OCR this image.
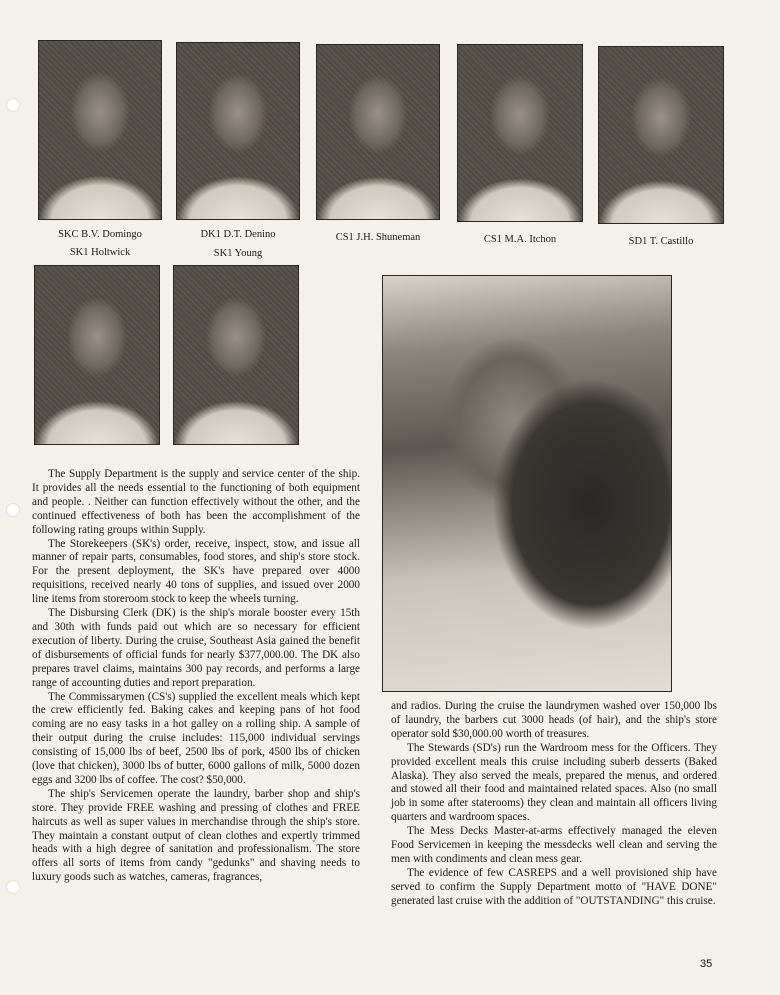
SKC B.V. Domingo
SK1 Holtwick
DK1 D.T. Denino
SK1 Young
CS1 J.H. Shuneman	CS1 M.A. Itchon	SD1 T. Castillo

The Supply Department is the supply and service center of the ship. It provides all the needs essential to the functioning of both equipment and people. . Neither can function effectively without the other, and the continued effectiveness of both has been the accomplishment of the following rating groups within Supply.

The Storekeepers (SK's) order, receive, inspect, stow, and issue all manner of repair parts, consumables, food stores, and ship's store stock. For the present deployment, the SK's have prepared over 4000 requisitions, received nearly 40 tons of supplies, and issued over 2000 line items from storeroom stock to keep the wheels turning.

The Disbursing Clerk (DK) is the ship's morale booster every 15th and 30th with funds paid out which are so necessary for efficient execution of liberty. During the cruise, Southeast Asia gained the benefit of disbursements of official funds for nearly $377,000.00. The DK also prepares travel claims, maintains 300 pay records, and performs a large range of accounting duties and report preparation.

The Commissarymen (CS's) supplied the excellent meals which kept the crew efficiently fed. Baking cakes and keeping pans of hot food coming are no easy tasks in a hot galley on a rolling ship. A sample of their output during the cruise includes: 115,000 individual servings consisting of 15,000 lbs of beef, 2500 lbs of pork, 4500 lbs of chicken (love that chicken), 3000 lbs of butter, 6000 gallons of milk, 5000 dozen eggs and 3200 lbs of coffee. The cost? $50,000.

The ship's Servicemen operate the laundry, barber shop and ship's store. They provide FREE washing and pressing of clothes and FREE haircuts as well as super values in merchandise through the ship's store. They maintain a constant output of clean clothes and expertly trimmed heads with a high degree of sanitation and professionalism. The store offers all sorts of items from candy "gedunks" and shaving needs to luxury goods such as watches, cameras, fragrances,

and radios. During the cruise the laundrymen washed over 150,000 lbs of laundry, the barbers cut 3000 heads (of hair), and the ship's store operator sold $30,000.00 worth of treasures.

The Stewards (SD's) run the Wardroom mess for the Officers. They provided excellent meals this cruise including suberb desserts (Baked Alaska). They also served the meals, prepared the menus, and ordered and stowed all their food and maintained related spaces. Also (no small job in some after staterooms) they clean and maintain all officers living quarters and wardroom spaces.

The Mess Decks Master-at-arms effectively managed the eleven Food Servicemen in keeping the messdecks well clean and serving the men with condiments and clean mess gear.

The evidence of few CASREPS and a well provisioned ship have served to confirm the Supply Department motto of "HAVE DONE" generated last cruise with the addition of "OUTSTANDING" this cruise.

35
